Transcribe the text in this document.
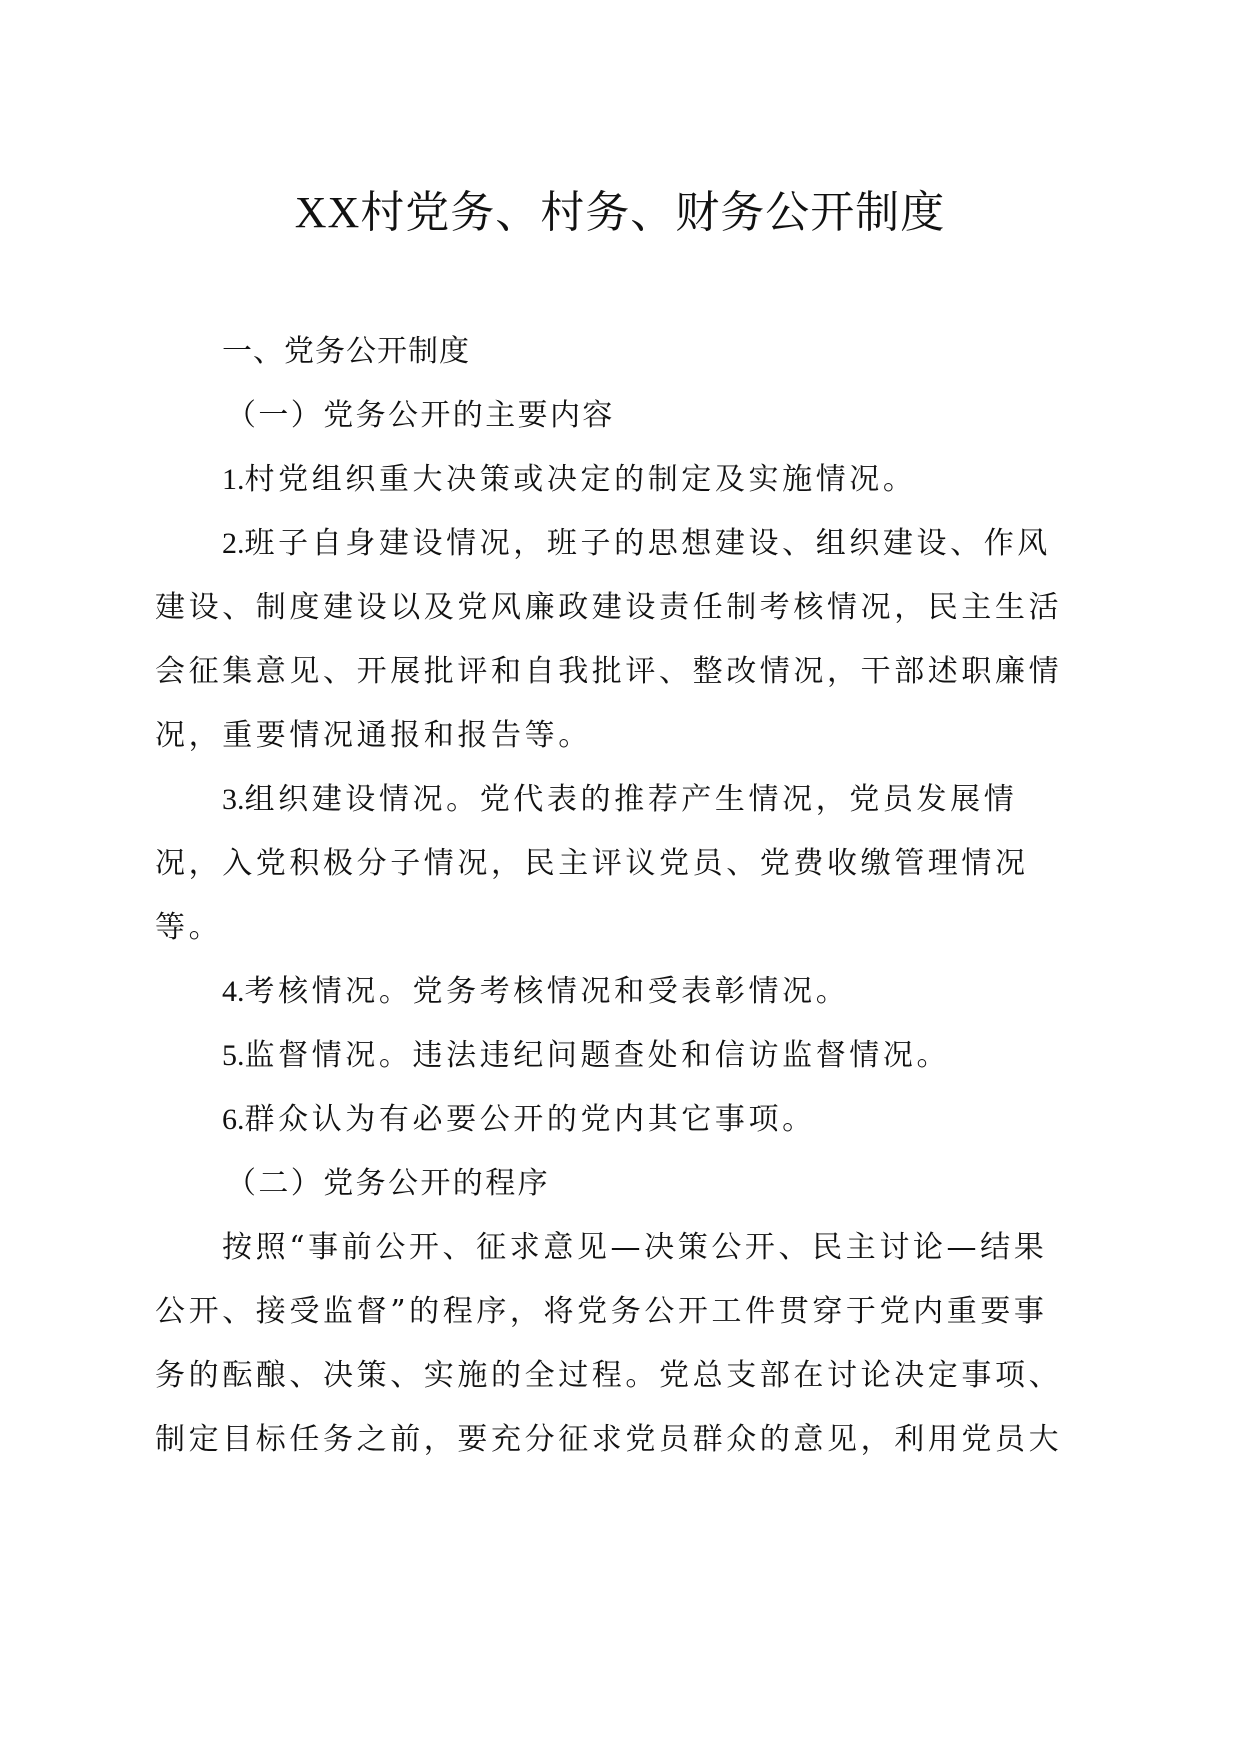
XX村党务、村务、财务公开制度
一、党务公开制度
（一）党务公开的主要内容
1.村党组织重大决策或决定的制定及实施情况。
2.班子自身建设情况，班子的思想建设、组织建设、作风
建设、制度建设以及党风廉政建设责任制考核情况，民主生活
会征集意见、开展批评和自我批评、整改情况，干部述职廉情
况，重要情况通报和报告等。
3.组织建设情况。党代表的推荐产生情况，党员发展情
况，入党积极分子情况，民主评议党员、党费收缴管理情况
等。
4.考核情况。党务考核情况和受表彰情况。
5.监督情况。违法违纪问题查处和信访监督情况。
6.群众认为有必要公开的党内其它事项。
（二）党务公开的程序
按照“事前公开、征求意见—决策公开、民主讨论—结果
公开、接受监督”的程序，将党务公开工件贯穿于党内重要事
务的酝酿、决策、实施的全过程。党总支部在讨论决定事项、
制定目标任务之前，要充分征求党员群众的意见，利用党员大
